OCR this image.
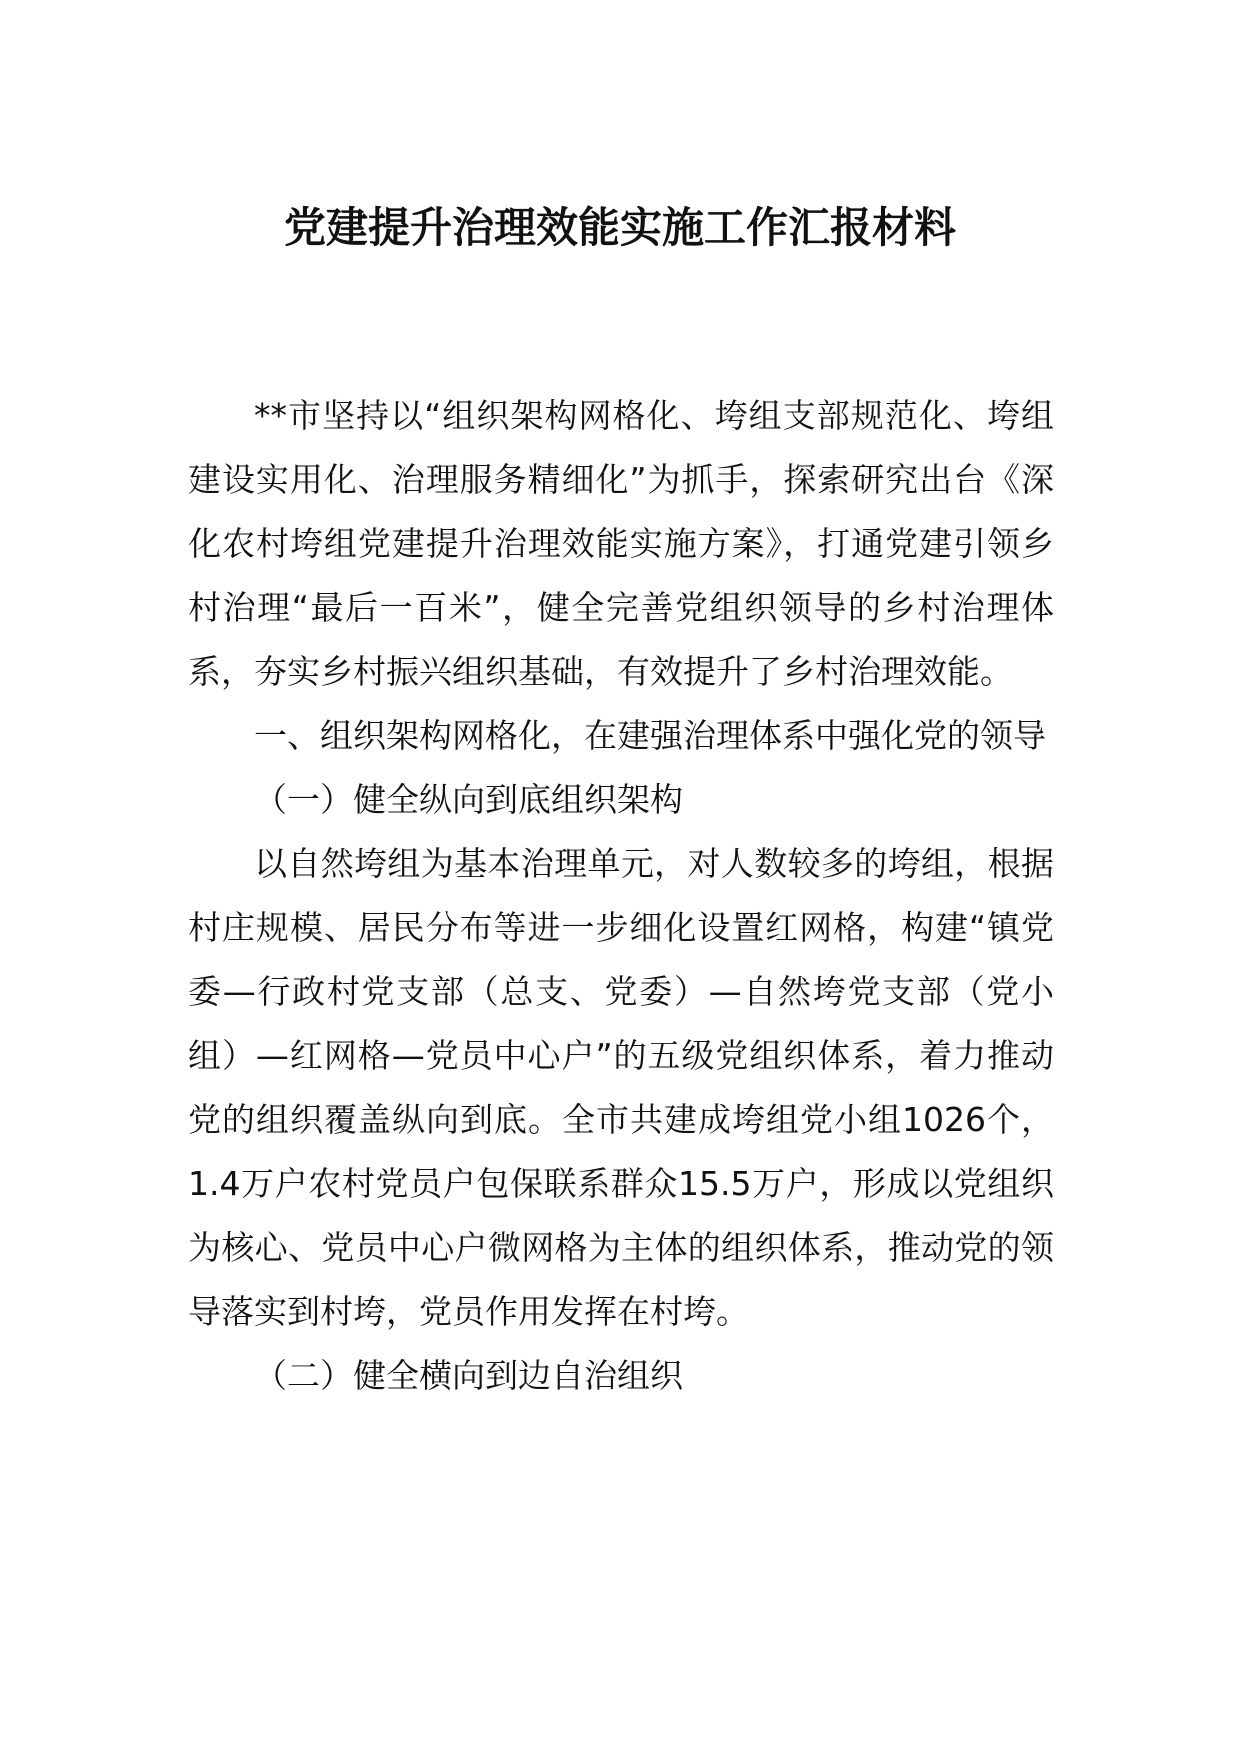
党建提升治理效能实施工作汇报材料

**市坚持以“组织架构网格化、垮组支部规范化、垮组建设实用化、治理服务精细化”为抓手，探索研究出台《深化农村垮组党建提升治理效能实施方案》，打通党建引领乡村治理“最后一百米”，健全完善党组织领导的乡村治理体系，夯实乡村振兴组织基础，有效提升了乡村治理效能。

一、组织架构网格化，在建强治理体系中强化党的领导

（一）健全纵向到底组织架构

以自然垮组为基本治理单元，对人数较多的垮组，根据村庄规模、居民分布等进一步细化设置红网格，构建“镇党委—行政村党支部（总支、党委）—自然垮党支部（党小组）—红网格—党员中心户”的五级党组织体系，着力推动党的组织覆盖纵向到底。全市共建成垮组党小组1026个，1.4万户农村党员户包保联系群众15.5万户，形成以党组织为核心、党员中心户微网格为主体的组织体系，推动党的领导落实到村垮，党员作用发挥在村垮。

（二）健全横向到边自治组织
